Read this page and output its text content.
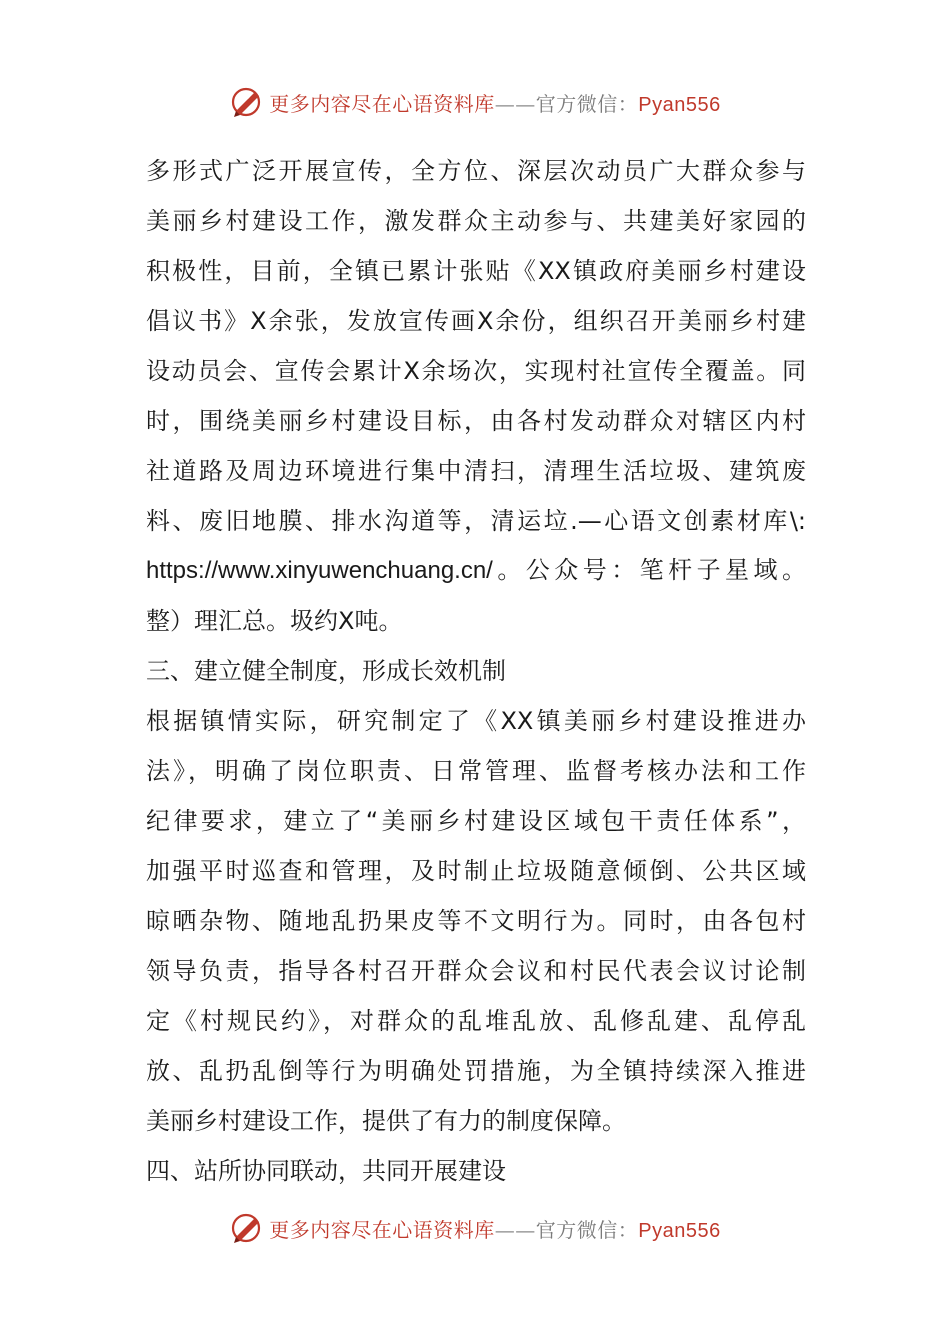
更多内容尽在心语资料库——官方微信：Pyan556
多形式广泛开展宣传，全方位、深层次动员广大群众参与
美丽乡村建设工作，激发群众主动参与、共建美好家园的
积极性，目前，全镇已累计张贴《XX镇政府美丽乡村建设
倡议书》X余张，发放宣传画X余份，组织召开美丽乡村建
设动员会、宣传会累计X余场次，实现村社宣传全覆盖。同
时，围绕美丽乡村建设目标，由各村发动群众对辖区内村
社道路及周边环境进行集中清扫，清理生活垃圾、建筑废
料、废旧地膜、排水沟道等，清运垃.—心语文创素材库\:
https://www.xinyuwenchuang.cn/。公众号：笔杆子星域。
整）理汇总。圾约X吨。
三、建立健全制度，形成长效机制
根据镇情实际，研究制定了《XX镇美丽乡村建设推进办
法》，明确了岗位职责、日常管理、监督考核办法和工作
纪律要求，建立了“美丽乡村建设区域包干责任体系”，
加强平时巡查和管理，及时制止垃圾随意倾倒、公共区域
晾晒杂物、随地乱扔果皮等不文明行为。同时，由各包村
领导负责，指导各村召开群众会议和村民代表会议讨论制
定《村规民约》，对群众的乱堆乱放、乱修乱建、乱停乱
放、乱扔乱倒等行为明确处罚措施，为全镇持续深入推进
美丽乡村建设工作，提供了有力的制度保障。
四、站所协同联动，共同开展建设
更多内容尽在心语资料库——官方微信：Pyan556
